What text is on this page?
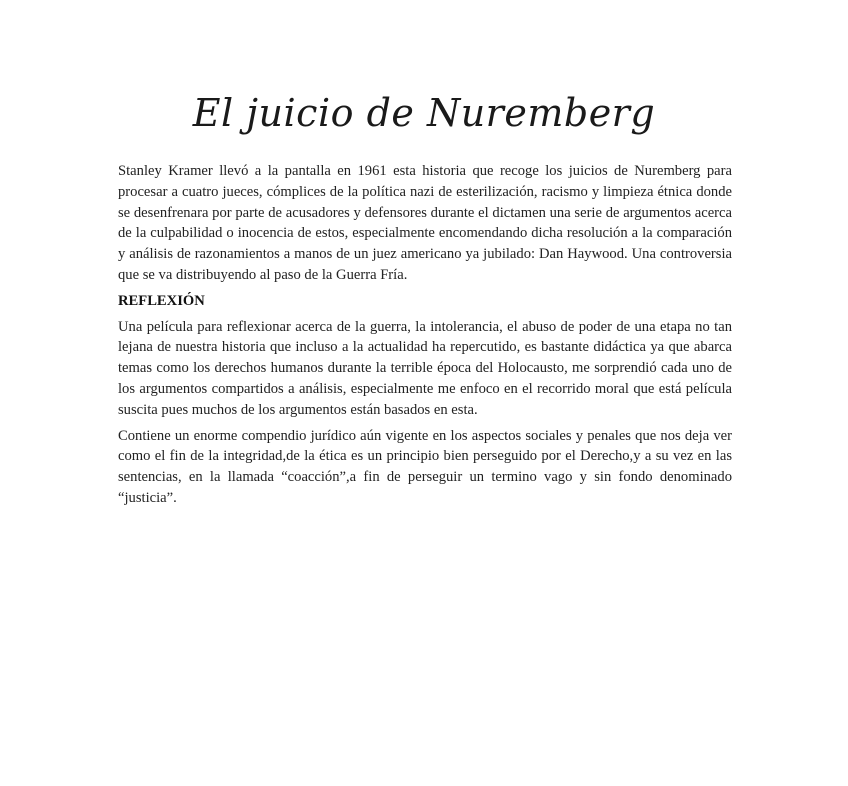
El juicio de Nuremberg

Stanley Kramer llevó a la pantalla en 1961 esta historia que recoge los juicios de Nuremberg para procesar a cuatro jueces, cómplices de la política nazi de esterilización, racismo y limpieza étnica donde se desenfrenara por parte de acusadores y defensores durante el dictamen una serie de argumentos acerca de la culpabilidad o inocencia de estos, especialmente encomendando dicha resolución a la comparación y análisis de razonamientos a manos de un juez americano ya jubilado: Dan Haywood. Una controversia que se va distribuyendo al paso de la Guerra Fría.

REFLEXIÓN

Una película para reflexionar acerca de la guerra, la intolerancia, el abuso de poder de una etapa no tan lejana de nuestra historia que incluso a la actualidad ha repercutido, es bastante didáctica ya que abarca temas como los derechos humanos durante la terrible época del Holocausto, me sorprendió cada uno de los argumentos compartidos a análisis, especialmente me enfoco en el recorrido moral que está película suscita pues muchos de los argumentos están basados en esta.

Contiene un enorme compendio jurídico aún vigente en los aspectos sociales y penales que nos deja ver como el fin de la integridad,de la ética es un principio bien perseguido por el Derecho,y a su vez en las sentencias, en la llamada “coacción”,a fin de perseguir un termino vago y sin fondo denominado “justicia”.
